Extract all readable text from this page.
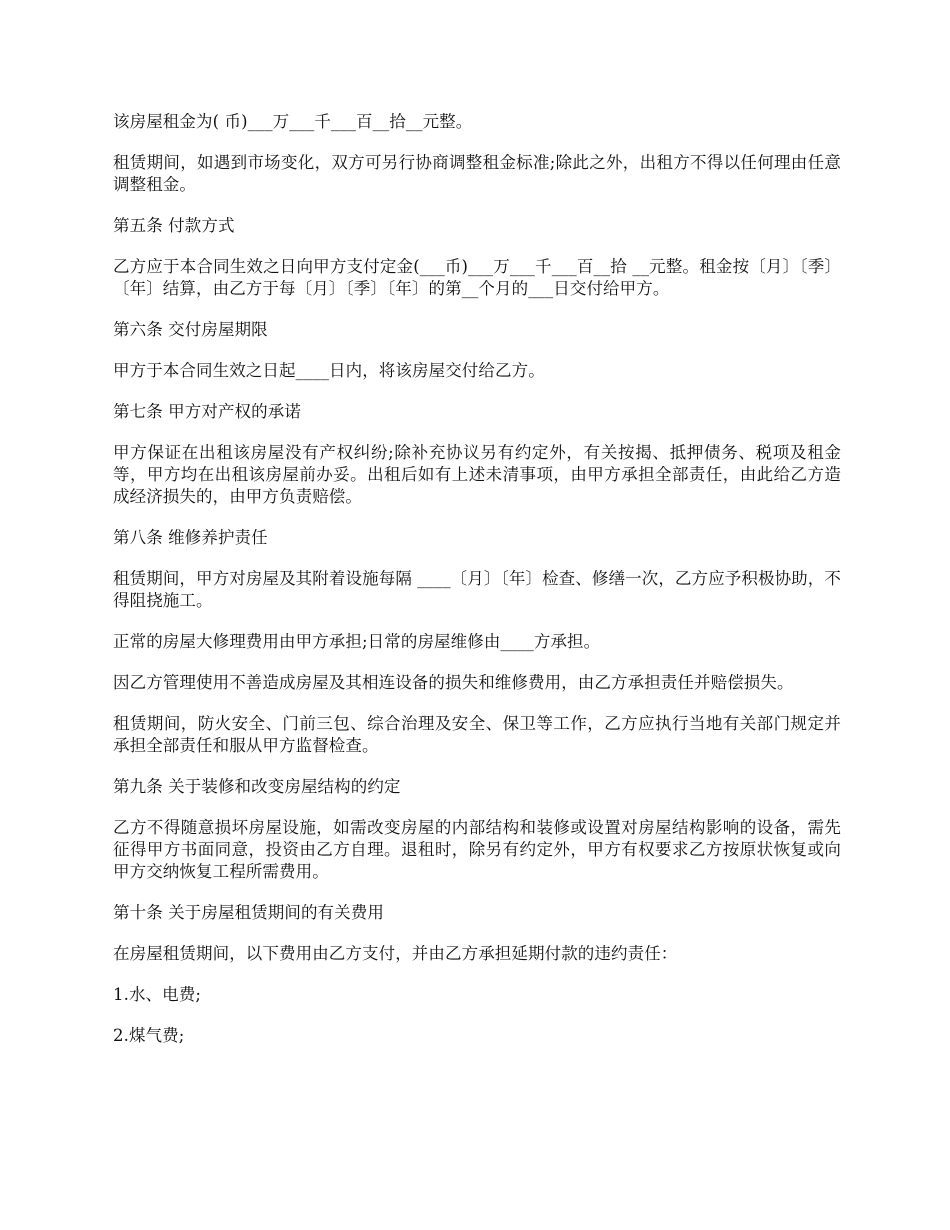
该房屋租金为( 币)___万___千___百__拾__元整。

租赁期间，如遇到市场变化，双方可另行协商调整租金标准;除此之外，出租方不得以任何理由任意调整租金。

第五条 付款方式

乙方应于本合同生效之日向甲方支付定金(___币)___万___千___百__拾 __元整。租金按〔月〕〔季〕〔年〕结算，由乙方于每〔月〕〔季〕〔年〕的第__个月的___日交付给甲方。

第六条 交付房屋期限

甲方于本合同生效之日起____日内，将该房屋交付给乙方。

第七条 甲方对产权的承诺

甲方保证在出租该房屋没有产权纠纷;除补充协议另有约定外，有关按揭、抵押债务、税项及租金等，甲方均在出租该房屋前办妥。出租后如有上述未清事项，由甲方承担全部责任，由此给乙方造成经济损失的，由甲方负责赔偿。

第八条 维修养护责任

租赁期间，甲方对房屋及其附着设施每隔 ____〔月〕〔年〕检查、修缮一次，乙方应予积极协助，不得阻挠施工。

正常的房屋大修理费用由甲方承担;日常的房屋维修由____方承担。

因乙方管理使用不善造成房屋及其相连设备的损失和维修费用，由乙方承担责任并赔偿损失。

租赁期间，防火安全、门前三包、综合治理及安全、保卫等工作，乙方应执行当地有关部门规定并承担全部责任和服从甲方监督检查。

第九条 关于装修和改变房屋结构的约定

乙方不得随意损坏房屋设施，如需改变房屋的内部结构和装修或设置对房屋结构影响的设备，需先征得甲方书面同意，投资由乙方自理。退租时，除另有约定外，甲方有权要求乙方按原状恢复或向甲方交纳恢复工程所需费用。

第十条 关于房屋租赁期间的有关费用

在房屋租赁期间，以下费用由乙方支付，并由乙方承担延期付款的违约责任：

1.水、电费;

2.煤气费;
